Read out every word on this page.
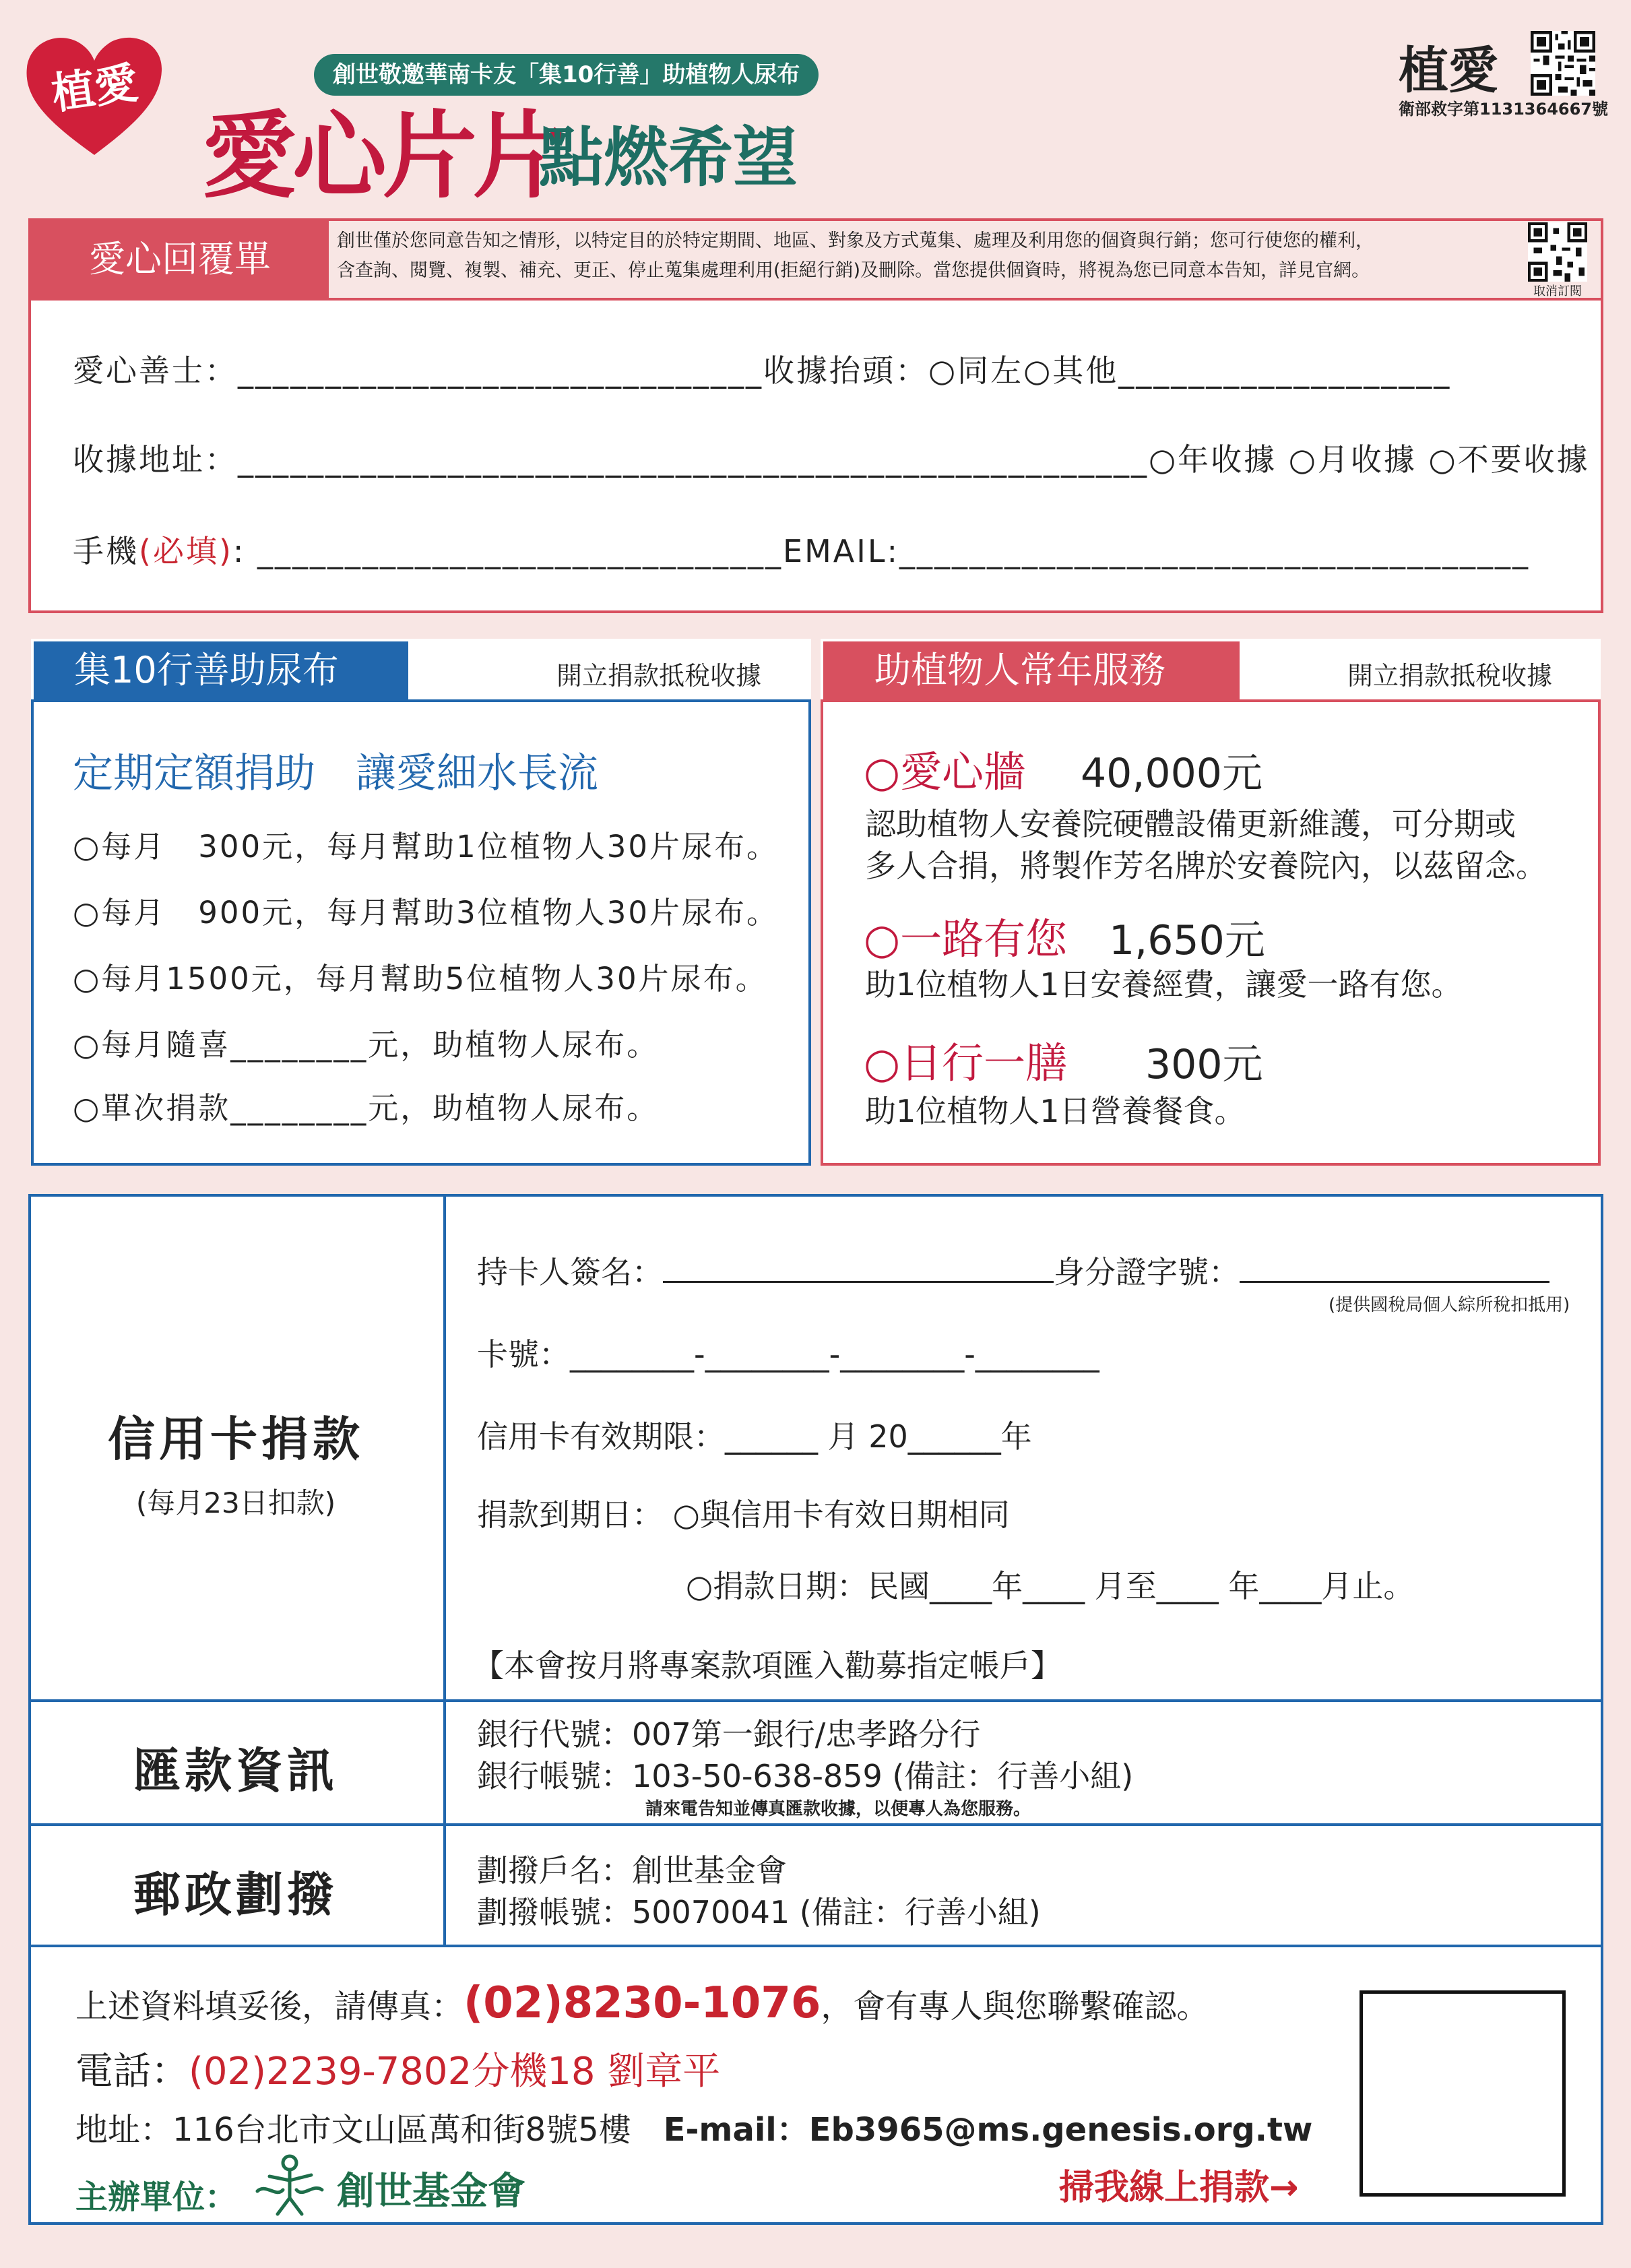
植愛	創世敬邀華南卡友「集10行善」助植物人尿布
愛心片片
點燃希望
植愛
衛部救字第1131364667號
愛心回覆單	創世僅於您同意告知之情形，以特定目的於特定期間、地區、對象及方式蒐集、處理及利用您的個資與行銷；您可行使您的權利，
含查詢、閱覽、複製、補充、更正、停止蒐集處理利用(拒絕行銷)及刪除。當您提供個資時，將視為您已同意本告知，詳見官網。
取消訂閱
愛心善士：______________________________收據抬頭：○同左○其他___________________
收據地址：____________________________________________________○年收據 ○月收據 ○不要收據
手機(必填): ______________________________EMAIL:____________________________________
集10行善助尿布	開立捐款抵稅收據
定期定額捐助　讓愛細水長流
○每月　300元，每月幫助1位植物人30片尿布。
○每月　900元，每月幫助3位植物人30片尿布。
○每月1500元，每月幫助5位植物人30片尿布。
○每月隨喜________元，助植物人尿布。
○單次捐款________元，助植物人尿布。
助植物人常年服務	開立捐款抵稅收據
○愛心牆 40,000元
認助植物人安養院硬體設備更新維護，可分期或
多人合捐，將製作芳名牌於安養院內，以茲留念。
○一路有您 1,650元
助1位植物人1日安養經費，讓愛一路有您。
○日行一膳 300元
助1位植物人1日營養餐食。
信用卡捐款
(每月23日扣款)
持卡人簽名：	身分證字號：
(提供國稅局個人綜所稅扣抵用)
卡號：________-________-________-________
信用卡有效期限：______ 月 20______年
捐款到期日： ○與信用卡有效日期相同
○捐款日期：民國____年____ 月至____ 年____月止。
【本會按月將專案款項匯入勸募指定帳戶】
匯款資訊
銀行代號：007第一銀行/忠孝路分行
銀行帳號：103-50-638-859 (備註：行善小組)
請來電告知並傳真匯款收據，以便專人為您服務。
郵政劃撥	劃撥戶名：創世基金會
劃撥帳號：50070041 (備註：行善小組)
上述資料填妥後，請傳真：(02)8230-1076，會有專人與您聯繫確認。
電話：(02)2239-7802分機18 劉章平
地址：116台北市文山區萬和街8號5樓　 E-mail：Eb3965@ms.genesis.org.tw
主辦單位：	創世基金會	掃我線上捐款→
